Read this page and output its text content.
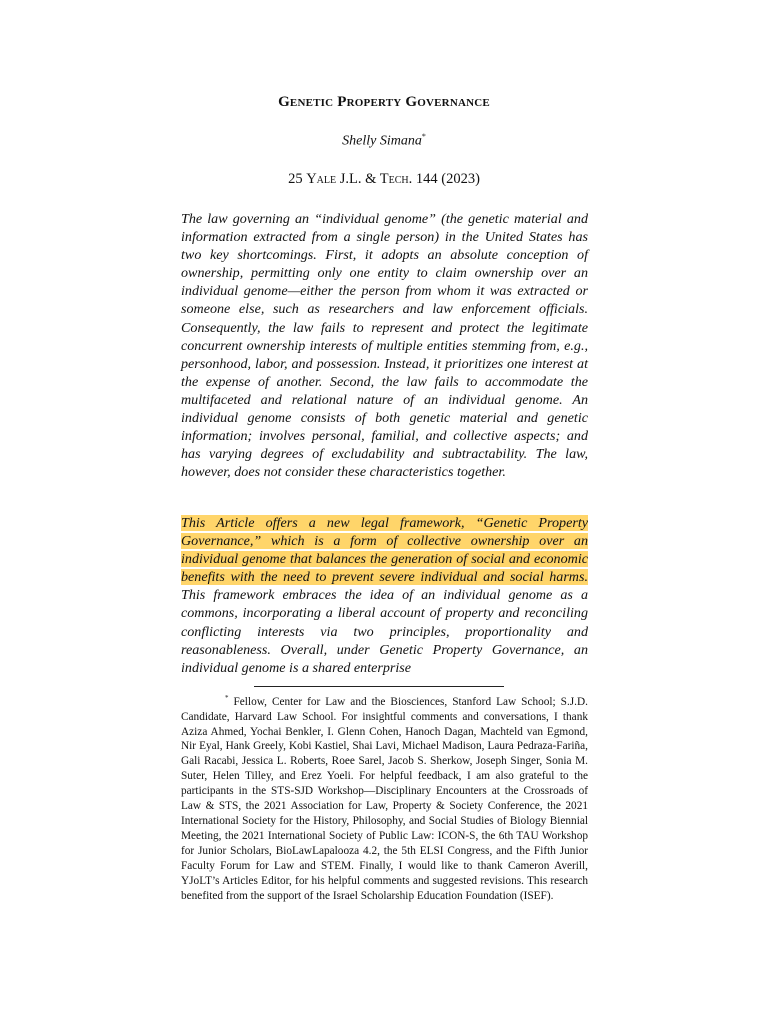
Genetic Property Governance
Shelly Simana*
25 Yale J.L. & Tech. 144 (2023)

The law governing an “individual genome” (the genetic material and information extracted from a single person) in the United States has two key shortcomings. First, it adopts an absolute conception of ownership, permitting only one entity to claim ownership over an individual genome—either the person from whom it was extracted or someone else, such as researchers and law enforcement officials. Consequently, the law fails to represent and protect the legitimate concurrent ownership interests of multiple entities stemming from, e.g., personhood, labor, and possession. Instead, it prioritizes one interest at the expense of another. Second, the law fails to accommodate the multifaceted and relational nature of an individual genome. An individual genome consists of both genetic material and genetic information; involves personal, familial, and collective aspects; and has varying degrees of excludability and subtractability. The law, however, does not consider these characteristics together.

This Article offers a new legal framework, “Genetic Property Governance,” which is a form of collective ownership over an individual genome that balances the generation of social and economic benefits with the need to prevent severe individual and social harms. This framework embraces the idea of an individual genome as a commons, incorporating a liberal account of property and reconciling conflicting interests via two principles, proportionality and reasonableness. Overall, under Genetic Property Governance, an individual genome is a shared enterprise

* Fellow, Center for Law and the Biosciences, Stanford Law School; S.J.D. Candidate, Harvard Law School. For insightful comments and conversations, I thank Aziza Ahmed, Yochai Benkler, I. Glenn Cohen, Hanoch Dagan, Machteld van Egmond, Nir Eyal, Hank Greely, Kobi Kastiel, Shai Lavi, Michael Madison, Laura Pedraza-Fariña, Gali Racabi, Jessica L. Roberts, Roee Sarel, Jacob S. Sherkow, Joseph Singer, Sonia M. Suter, Helen Tilley, and Erez Yoeli. For helpful feedback, I am also grateful to the participants in the STS-SJD Workshop—Disciplinary Encounters at the Crossroads of Law & STS, the 2021 Association for Law, Property & Society Conference, the 2021 International Society for the History, Philosophy, and Social Studies of Biology Biennial Meeting, the 2021 International Society of Public Law: ICON-S, the 6th TAU Workshop for Junior Scholars, BioLawLapalooza 4.2, the 5th ELSI Congress, and the Fifth Junior Faculty Forum for Law and STEM. Finally, I would like to thank Cameron Averill, YJoLT’s Articles Editor, for his helpful comments and suggested revisions. This research benefited from the support of the Israel Scholarship Education Foundation (ISEF).
